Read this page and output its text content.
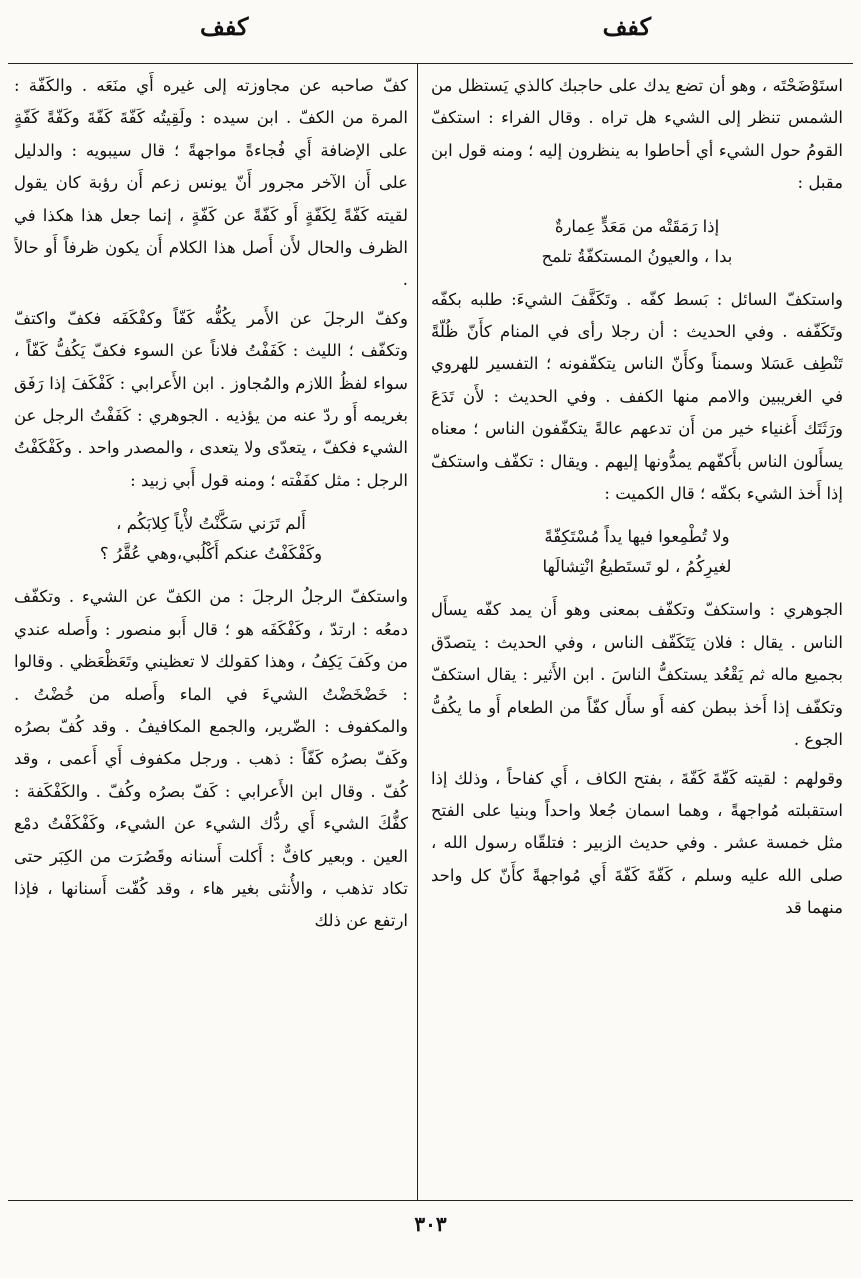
كفف
كفف

استَوْضَحْتَه ، وهو أن تضع يدك على حاجبك كالذي يَستظل من الشمس تنظر إلى الشيء هل تراه . وقال الفراء : استكفّ القومُ حول الشيء أي أحاطوا به ينظرون إليه ؛ ومنه قول ابن مقبل :

إذا رَمَقَتْه من مَعَدٍّ عِمارةٌ
بدا ، والعيونُ المستكفّةُ تلمح

واستكفّ السائل : بَسط كفّه . وتَكَفَّفَ الشيءَ: طلبه بكفّه وتَكَفّفه . وفي الحديث : أن رجلا رأى في المنام كأَنّ ظُلّةً تَنْطِف عَسَلا وسمناً وكأَنّ الناس يتكفّفونه ؛ التفسير للهروي في الغريبين والامم منها الكفف . وفي الحديث : لأَن تَدَعَ ورَثَتَك أَغنياء خير من أَن تدعهم عالةً يتكفّفون الناس ؛ معناه يسأَلون الناس بأَكفّهم يمدُّونها إليهم . ويقال : تكفّف واستكفّ إذا أَخذ الشيء بكفّه ؛ قال الكميت :

ولا تُطْمِعوا فيها يداً مُسْتَكِفّةً
لغيرِكُمُ ، لو تَستَطيعُ انْتِشالَها

الجوهري : واستكفّ وتكفّف بمعنى وهو أَن يمد كفّه يسأَل الناس . يقال : فلان يَتَكَفّف الناس ، وفي الحديث : يتصدّق بجميع ماله ثم يَقْعُد يستكفُّ الناسَ . ابن الأَثير : يقال استكفّ وتكفّف إذا أَخذ ببطن كفه أَو سأَل كفّاً من الطعام أَو ما يكُفُّ الجوع .

وقولهم : لقيته كَفّةَ كَفّةَ ، بفتح الكاف ، أَي كفاحاً ، وذلك إذا استقبلته مُواجهةً ، وهما اسمان جُعلا واحداً وبنيا على الفتح مثل خمسة عشر . وفي حديث الزبير : فتلقّاه رسول الله ، صلى الله عليه وسلم ، كَفّةَ كَفّةَ أَي مُواجهةً كأَنّ كل واحد منهما قد

كفّ صاحبه عن مجاوزته إلى غيره أَي منَعَه . والكَفّة : المرة من الكفّ . ابن سيده : ولَقِيتُه كَفّةَ كَفّةَ وكَفّةً كَفّةٍ على الإضافة أَي فُجاءةً مواجهةً ؛ قال سيبويه : والدليل على أَن الآخر مجرور أَنّ يونس زعم أَن رؤبة كان يقول لقيته كَفّةً لِكَفّةٍ أَو كَفّةً عن كَفّةٍ ، إنما جعل هذا هكذا في الظرف والحال لأَن أَصل هذا الكلام أَن يكون ظرفاً أَو حالاً .

وكفّ الرجلَ عن الأَمر يكُفُّه كَفّاً وكفْكَفَه فكفّ واكتفّ وتكفّف ؛ الليث : كَفَفْتُ فلاناً عن السوء فكفّ يَكُفُّ كَفّاً ، سواء لفظُ اللازم والمُجاوز . ابن الأَعرابي : كَفْكَفَ إذا رَفَق بغريمه أَو ردّ عنه من يؤذيه . الجوهري : كَفَفْتُ الرجل عن الشيء فكفّ ، يتعدّى ولا يتعدى ، والمصدر واحد . وكَفْكَفْتُ الرجل : مثل كفَفْته ؛ ومنه قول أَبي زبيد :

أَلم تَرَني سَكَّنْتُ لأْياً كِلابَكُم ،
وكَفْكَفْتُ عنكم أَكْلُبي،وهي عُقَّرُ ؟

واستكفّ الرجلُ الرجلَ : من الكفّ عن الشيء . وتكفّف دمعُه : ارتدّ ، وكَفْكَفَه هو ؛ قال أَبو منصور : وأَصله عندي من وكَفَ يَكِفُ ، وهذا كقولك لا تعظيني وتَعَظْعَظي . وقالوا : خَضْخَضْتُ الشيءَ في الماء وأَصله من خُضْتُ . والمكفوف : الضّرير، والجمع المكافيفُ . وقد كُفّ بصرُه وكَفّ بصرُه كَفّاً : ذهب . ورجل مكفوف أَي أَعمى ، وقد كُفّ . وقال ابن الأَعرابي : كَفّ بصرُه وكُفّ . والكَفْكَفة : كفُّكَ الشيء أَي ردُّك الشيء عن الشيء، وكَفْكَفْتُ دمْع العين . وبعير كافٌّ : أَكلت أَسنانه وقَصُرَت من الكِبَر حتى تكاد تذهب ، والأُنثى بغير هاء ، وقد كُفّت أَسنانها ، فإذا ارتفع عن ذلك

٣٠٣
